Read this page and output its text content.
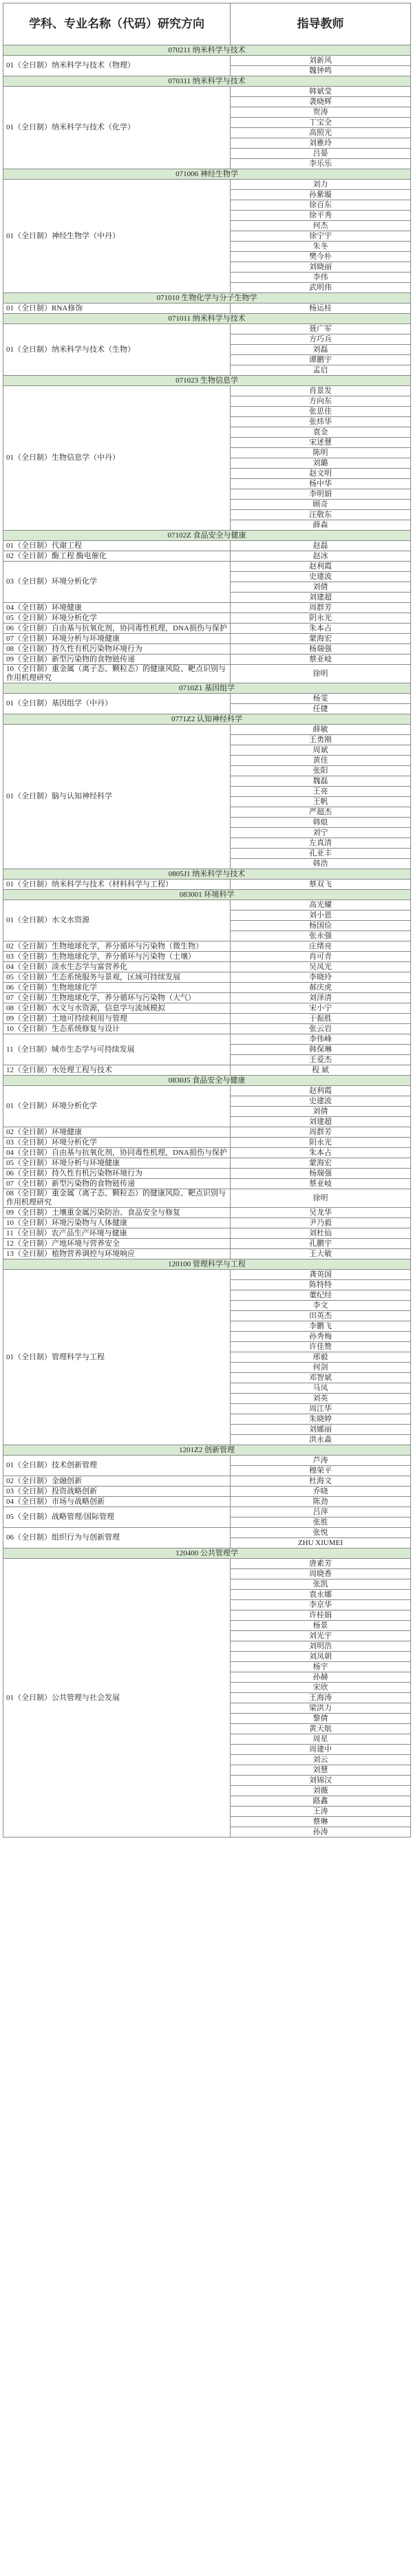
学科、专业名称（代码）研究方向	指导教师
070211 纳米科学与技术	
01（全日制）纳米科学与技术（物理）	刘新风
	魏钟鸣
070311 纳米科学与技术	
01（全日制）纳米科学与技术（化学）	韩斌莹
	袭晓辉
	贺涛
	丁宝全
	高照光
	刘雅玲
	吕晏
	李乐乐
071006 神经生物学	
01（全日制）神经生物学（中丹）	刘力
	孙紫璇
	徐百东
	徐平秀
	何杰
	徐宁宇
	朱冬
	樊今朴
	刘晓丽
	李伟
	武明伟
071010 生物化学与分子生物学	
01（全日制）RNA修饰	杨运桂
071011 纳米科学与技术	
01（全日制）纳米科学与技术（生物）	聂广军
	方巧兵
	刘磊
	谭鹏宇
	孟启
071023 生物信息学	
01（全日制）生物信息学（中丹）	肖景发
	方向东
	张思佳
	张炜华
	袁金
	宋述慧
	陈明
	刘璐
	赵文明
	杨中华
	李明娟
	顾奇
	汪敬东
	薛森
07102Z 食品安全与健康	
01（全日制）代谢工程	赵磊
02（全日制）酶工程 酶电催化	赵冰
03（全日制）环境分析化学	赵利霞
	史建波
	刘倩
	刘建超
04（全日制）环境健康	周群芳
05（全日制）环境分析化学	阴永光
06（全日制）自由基与抗氧化剂，协同毒性机理，DNA损伤与保护	朱本占
07（全日制）环境分析与环境健康	蒙海宏
08（全日制）持久性有机污染物环境行为	杨瑞强
09（全日制）新型污染物的食物链传递	蔡亚岐
10（全日制）重金属（离子态、颗粒态）的健康风险、靶点识别与作用机理研究	徐明
0710Z1 基因组学	
01（全日制）基因组学（中丹）	杨雯
	任捷
0771Z2 认知神经科学	
01（全日制）脑与认知神经科学	薛敏
	王勇刚
	周斌
	黄佳
	张阳
	魏磊
	王亮
	王帆
	严超杰
	韩烺
	刘宁
	左真清
	孔亚丰
	韩浩
0805J1 纳米科学与技术	
01（全日制）纳米科学与技术（材料科学与工程）	蔡双飞
083001 环境科学	
01（全日制）水文水资源	高光耀
	刘小恩
	杨国俭
	张永强
02（全日制）生物地球化学，养分循环与污染物（微生物）	庄绪亮
03（全日制）生物地球化学，养分循环与污染物（土壤）	肖可青
04（全日制）淡水生态学与富营养化	吴凤光
05（全日制）生态系统服务与景观，区域可持续发展	李晓玲
06（全日制）生物地球化学	郝庆虎
07（全日制）生物地球化学，养分循环与污染物（大气）	刘泽清
08（全日制）水文与水资源，信息学与流域模拟	宋小宁
09（全日制）土地可持续利用与管理	于振胜
10（全日制）生态系统修复与设计	张云岩
11（全日制）城市生态学与可持续发展	李伟峰
	韩保琳
	王爱杰
12（全日制）水处理工程与技术	程 斌
0830J5 食品安全与健康	
01（全日制）环境分析化学	赵利霞
	史建波
	刘倩
	刘建超
02（全日制）环境健康	周群芳
03（全日制）环境分析化学	阴永光
04（全日制）自由基与抗氧化剂，协同毒性机理，DNA损伤与保护	朱本占
05（全日制）环境分析与环境健康	蒙海宏
06（全日制）持久性有机污染物环境行为	杨瑞强
07（全日制）新型污染物的食物链传递	蔡亚岐
08（全日制）重金属（离子态、颗粒态）的健康风险、靶点识别与作用机理研究	徐明
09（全日制）土壤重金属污染防治、食品安全与修复	吴龙华
10（全日制）环境污染物与人体健康	尹乃毅
11（全日制）农产品生产环境与健康	刘杜仙
12（全日制）产地环境与营养安全	孔鹏宇
13（全日制）植物营养调控与环境响应	王大敏
120100 管理科学与工程	
01（全日制）管理科学与工程	龚英国
	陈特特
	董纪经
	李文
	田英杰
	李鹏飞
	孙秀梅
	许佳赞
	邢毅
	何剑
	邓智斌
	马凤
	刘英
	周江华
	朱晓婷
	刘娜丽
	洪永淼
1201Z2 创新管理	
01（全日制）技术创新管理	芦涛
	穆荣平
02（全日制）金融创新	杜海文
03（全日制）投资战略创新	乔晓
04（全日制）市场与战略创新	陈劲
05（全日制）战略管理/国际管理	吕萍
	张胜
06（全日制）组织行为与创新管理	张悦
	ZHU XIUMEI
120400 公共管理学	
01（全日制）公共管理与社会发展	唐素芳
	周晓香
	张凯
	袁永娜
	李京华
	许桂娟
	杨景
	刘光宇
	刘明浩
	刘凤朝
	杨宇
	孙赫
	宋欣
	王海涛
	梁洪力
	黎倩
	黄天航
	周星
	周建中
	刘云
	刘慧
	刘锦汉
	刘薇
	路鑫
	王涛
	蔡琳
	孙涛
